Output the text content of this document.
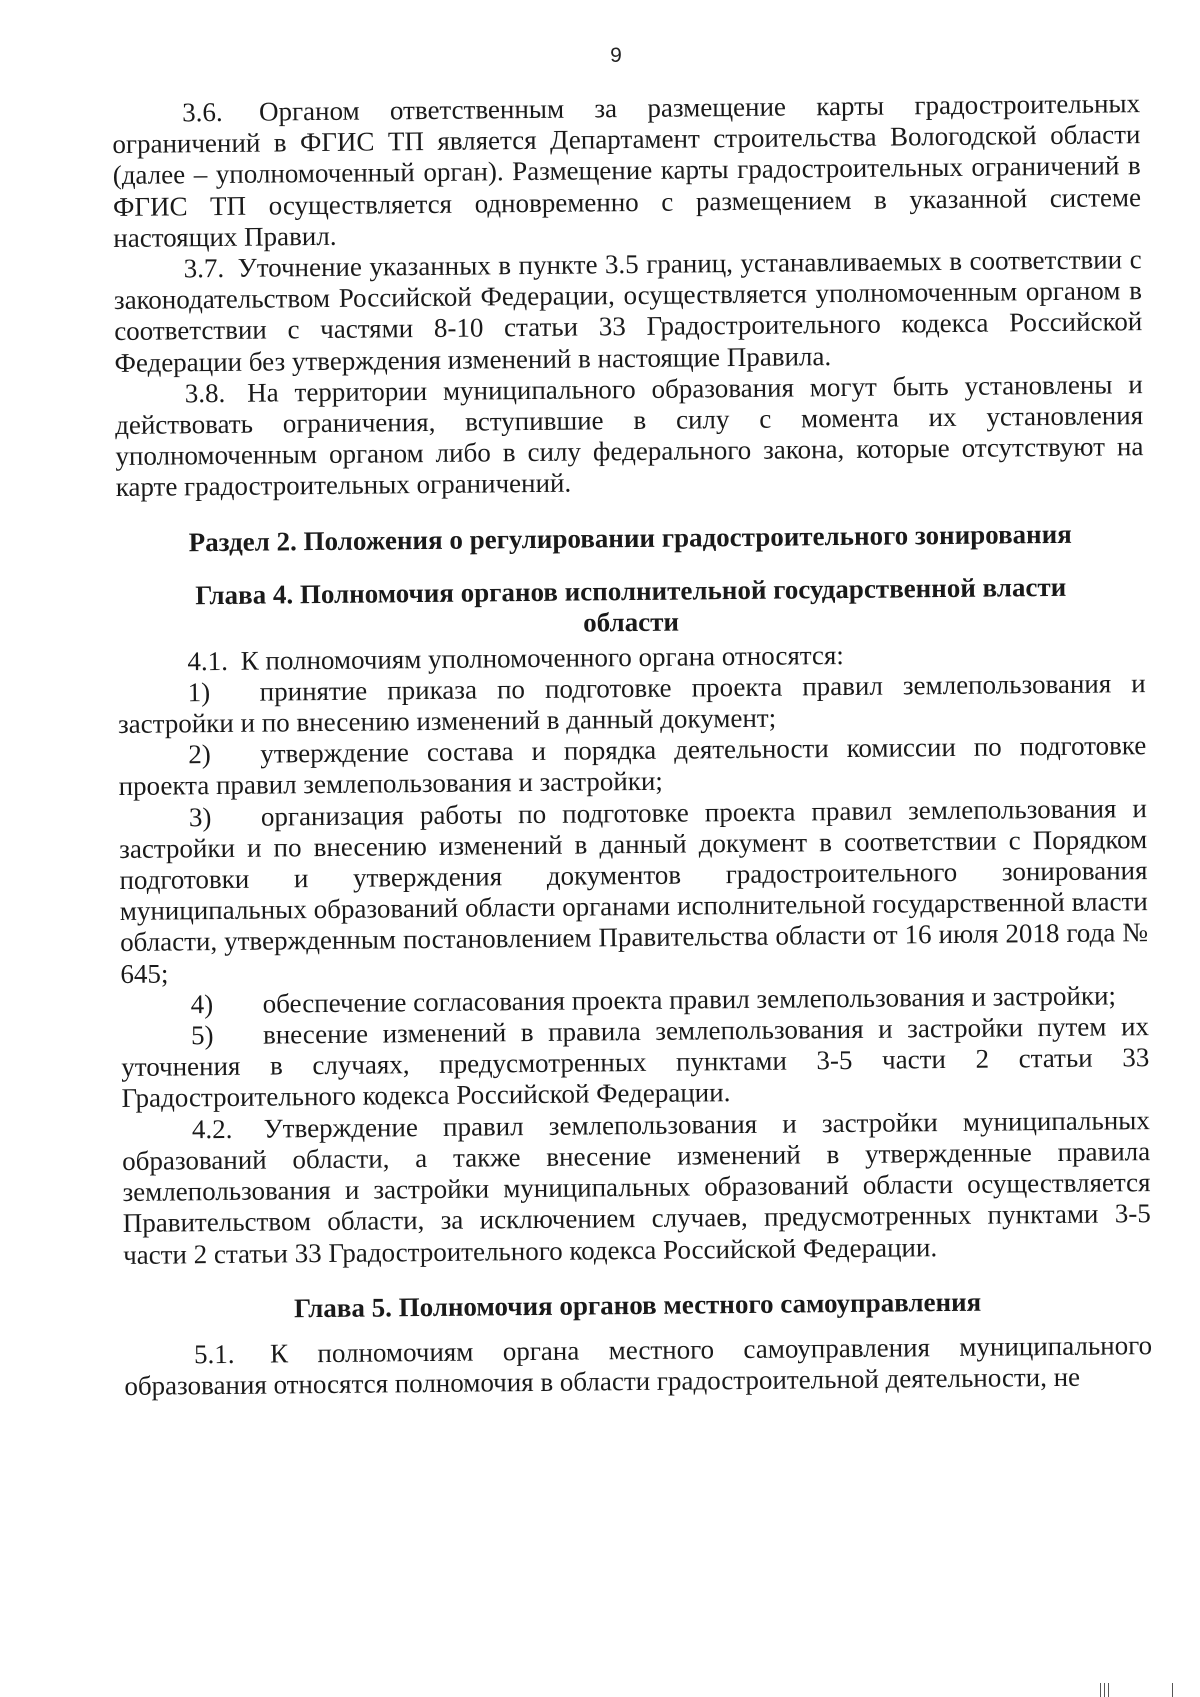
9

3.6. Органом ответственным за размещение карты градостроительных ограничений в ФГИС ТП является Департамент строительства Вологодской области (далее – уполномоченный орган). Размещение карты градостроительных ограничений в ФГИС ТП осуществляется одновременно с размещением в указанной системе настоящих Правил.

3.7. Уточнение указанных в пункте 3.5 границ, устанавливаемых в соответствии с законодательством Российской Федерации, осуществляется уполномоченным органом в соответствии с частями 8-10 статьи 33 Градостроительного кодекса Российской Федерации без утверждения изменений в настоящие Правила.

3.8. На территории муниципального образования могут быть установлены и действовать ограничения, вступившие в силу с момента их установления уполномоченным органом либо в силу федерального закона, которые отсутствуют на карте градостроительных ограничений.

Раздел 2. Положения о регулировании градостроительного зонирования
Глава 4. Полномочия органов исполнительной государственной власти области

4.1. К полномочиям уполномоченного органа относятся:

1) принятие приказа по подготовке проекта правил землепользования и застройки и по внесению изменений в данный документ;

2) утверждение состава и порядка деятельности комиссии по подготовке проекта правил землепользования и застройки;

3) организация работы по подготовке проекта правил землепользования и застройки и по внесению изменений в данный документ в соответствии с Порядком подготовки и утверждения документов градостроительного зонирования муниципальных образований области органами исполнительной государственной власти области, утвержденным постановлением Правительства области от 16 июля 2018 года № 645;

4) обеспечение согласования проекта правил землепользования и застройки;

5) внесение изменений в правила землепользования и застройки путем их уточнения в случаях, предусмотренных пунктами 3-5 части 2 статьи 33 Градостроительного кодекса Российской Федерации.

4.2. Утверждение правил землепользования и застройки муниципальных образований области, а также внесение изменений в утвержденные правила землепользования и застройки муниципальных образований области осуществляется Правительством области, за исключением случаев, предусмотренных пунктами 3-5 части 2 статьи 33 Градостроительного кодекса Российской Федерации.

Глава 5. Полномочия органов местного самоуправления

5.1. К полномочиям органа местного самоуправления муниципального образования относятся полномочия в области градостроительной деятельности, не
